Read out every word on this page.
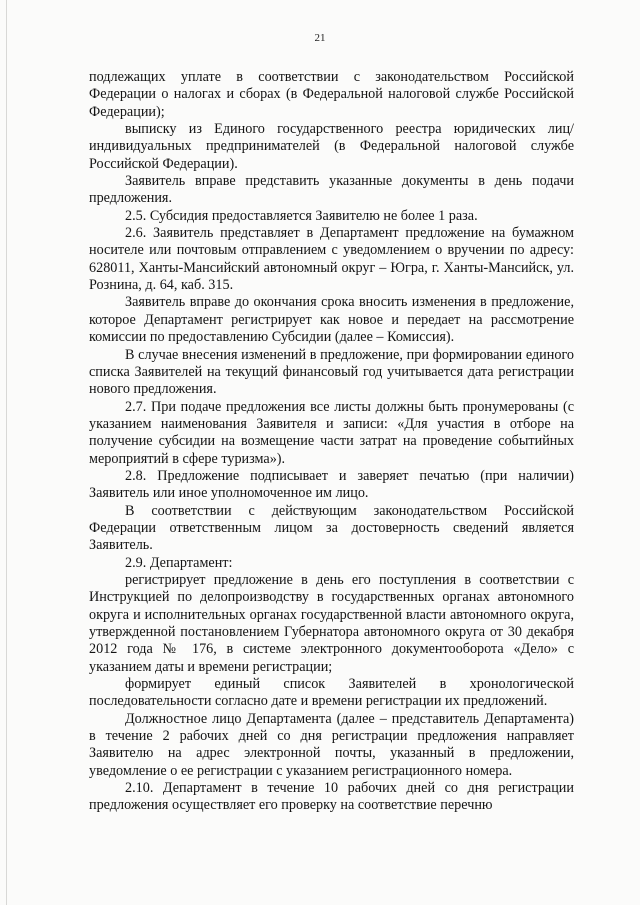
21

подлежащих уплате в соответствии с законодательством Российской Федерации о налогах и сборах (в Федеральной налоговой службе Российской Федерации);

выписку из Единого государственного реестра юридических лиц/индивидуальных предпринимателей (в Федеральной налоговой службе Российской Федерации).

Заявитель вправе представить указанные документы в день подачи предложения.

2.5. Субсидия предоставляется Заявителю не более 1 раза.

2.6. Заявитель представляет в Департамент предложение на бумажном носителе или почтовым отправлением с уведомлением о вручении по адресу: 628011, Ханты-Мансийский автономный округ – Югра, г. Ханты-Мансийск, ул. Рознина, д. 64, каб. 315.

Заявитель вправе до окончания срока вносить изменения в предложение, которое Департамент регистрирует как новое и передает на рассмотрение комиссии по предоставлению Субсидии (далее – Комиссия).

В случае внесения изменений в предложение, при формировании единого списка Заявителей на текущий финансовый год учитывается дата регистрации нового предложения.

2.7. При подаче предложения все листы должны быть пронумерованы (с указанием наименования Заявителя и записи: «Для участия в отборе на получение субсидии на возмещение части затрат на проведение событийных мероприятий в сфере туризма»).

2.8. Предложение подписывает и заверяет печатью (при наличии) Заявитель или иное уполномоченное им лицо.

В соответствии с действующим законодательством Российской Федерации ответственным лицом за достоверность сведений является Заявитель.

2.9. Департамент:

регистрирует предложение в день его поступления в соответствии с Инструкцией по делопроизводству в государственных органах автономного округа и исполнительных органах государственной власти автономного округа, утвержденной постановлением Губернатора автономного округа от 30 декабря 2012 года № 176, в системе электронного документооборота «Дело» с указанием даты и времени регистрации;

формирует единый список Заявителей в хронологической последовательности согласно дате и времени регистрации их предложений.

Должностное лицо Департамента (далее – представитель Департамента) в течение 2 рабочих дней со дня регистрации предложения направляет Заявителю на адрес электронной почты, указанный в предложении, уведомление о ее регистрации с указанием регистрационного номера.

2.10. Департамент в течение 10 рабочих дней со дня регистрации предложения осуществляет его проверку на соответствие перечню
